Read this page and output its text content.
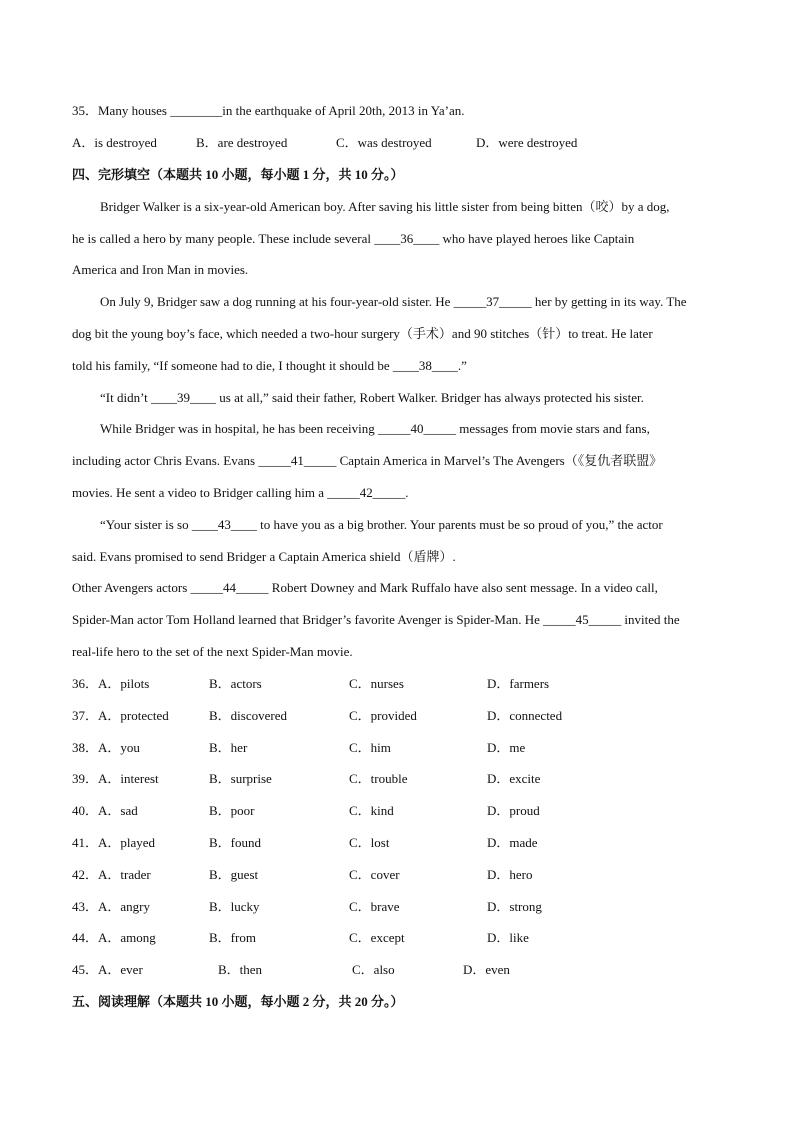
35．Many houses ________in the earthquake of April 20th, 2013 in Ya’an.
A．is destroyed	B．are destroyed	C．was destroyed	D．were destroyed
四、完形填空（本题共 10 小题，每小题 1 分，共 10 分。）
Bridger Walker is a six-year-old American boy. After saving his little sister from being bitten（咬）by a dog,
he is called a hero by many people. These include several ____36____ who have played heroes like Captain
America and Iron Man in movies.
On July 9, Bridger saw a dog running at his four-year-old sister. He _____37_____ her by getting in its way. The
dog bit the young boy’s face, which needed a two-hour surgery（手术）and 90 stitches（针）to treat. He later
told his family, “If someone had to die, I thought it should be ____38____.”
“It didn’t ____39____ us at all,” said their father, Robert Walker. Bridger has always protected his sister.
While Bridger was in hospital, he has been receiving _____40_____ messages from movie stars and fans,
including actor Chris Evans. Evans _____41_____ Captain America in Marvel’s The Avengers（《复仇者联盟》
movies. He sent a video to Bridger calling him a _____42_____.
“Your sister is so ____43____ to have you as a big brother. Your parents must be so proud of you,” the actor
said. Evans promised to send Bridger a Captain America shield（盾牌）.
Other Avengers actors _____44_____ Robert Downey and Mark Ruffalo have also sent message. In a video call,
Spider-Man actor Tom Holland learned that Bridger’s favorite Avenger is Spider-Man. He _____45_____ invited the
real-life hero to the set of the next Spider-Man movie.
36．A．pilots	B．actors	C．nurses	D．farmers
37．A．protected	B．discovered	C．provided	D．connected
38．A．you	B．her	C．him	D．me
39．A．interest	B．surprise	C．trouble	D．excite
40．A．sad	B．poor	C．kind	D．proud
41．A．played	B．found	C．lost	D．made
42．A．trader	B．guest	C．cover	D．hero
43．A．angry	B．lucky	C．brave	D．strong
44．A．among	B．from	C．except	D．like
45．A．ever	B．then	C．also	D．even
五、阅读理解（本题共 10 小题，每小题 2 分，共 20 分。）
